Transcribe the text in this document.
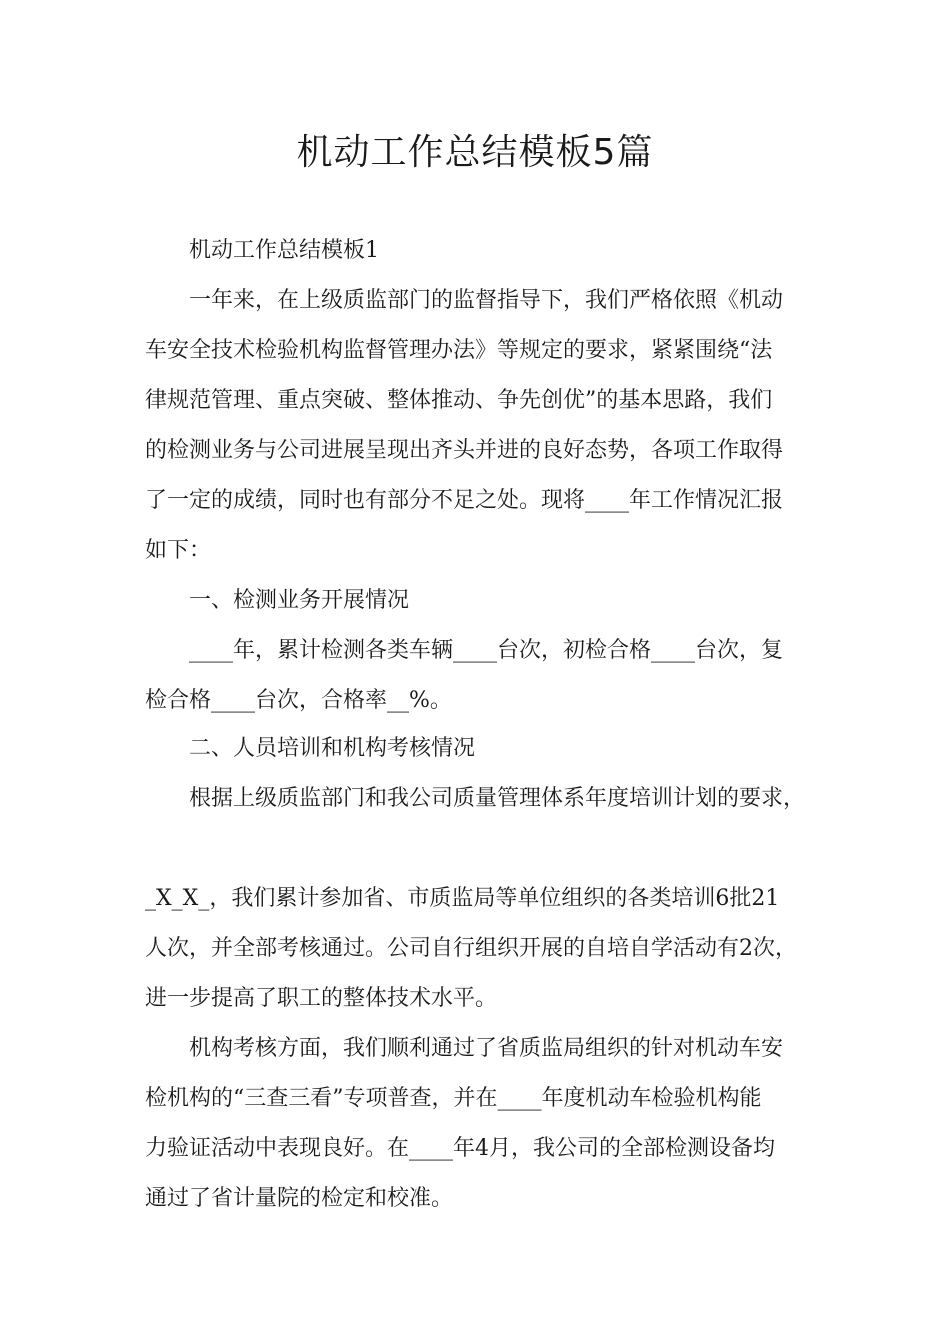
机动工作总结模板5篇

机动工作总结模板1

一年来，在上级质监部门的监督指导下，我们严格依照《机动
车安全技术检验机构监督管理办法》等规定的要求，紧紧围绕“法
律规范管理、重点突破、整体推动、争先创优”的基本思路，我们
的检测业务与公司进展呈现出齐头并进的良好态势，各项工作取得
了一定的成绩，同时也有部分不足之处。现将____年工作情况汇报
如下：

一、检测业务开展情况

____年，累计检测各类车辆____台次，初检合格____台次，复
检合格____台次，合格率__%。

二、人员培训和机构考核情况

根据上级质监部门和我公司质量管理体系年度培训计划的要求，

_X_X_，我们累计参加省、市质监局等单位组织的各类培训6批21
人次，并全部考核通过。公司自行组织开展的自培自学活动有2次，
进一步提高了职工的整体技术水平。
机构考核方面，我们顺利通过了省质监局组织的针对机动车安
检机构的“三查三看”专项普查，并在____年度机动车检验机构能
力验证活动中表现良好。在____年4月，我公司的全部检测设备均
通过了省计量院的检定和校准。
